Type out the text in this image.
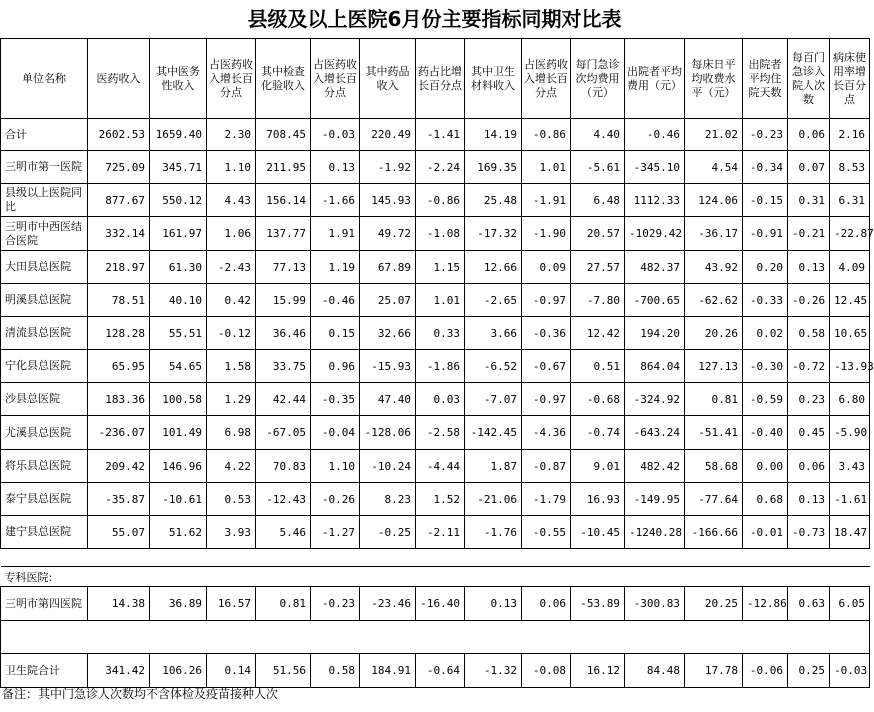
县级及以上医院6月份主要指标同期对比表
单位名称	医药收入	其中医务性收入	占医药收入增长百分点	其中检查化验收入	占医药收入增长百分点	其中药品收入	药占比增长百分点	其中卫生材料收入	占医药收入增长百分点	每门急诊次均费用（元）	出院者平均费用（元）	每床日平均收费水平（元）	出院者平均住院天数	每百门急诊入院人次数	病床使用率增长百分点
合计	2602.53	1659.40	2.30	708.45	-0.03	220.49	-1.41	14.19	-0.86	4.40	-0.46	21.02	-0.23	0.06	2.16
三明市第一医院	725.09	345.71	1.10	211.95	0.13	-1.92	-2.24	169.35	1.01	-5.61	-345.10	4.54	-0.34	0.07	8.53
县级以上医院同比	877.67	550.12	4.43	156.14	-1.66	145.93	-0.86	25.48	-1.91	6.48	1112.33	124.06	-0.15	0.31	6.31
三明市中西医结合医院	332.14	161.97	1.06	137.77	1.91	49.72	-1.08	-17.32	-1.90	20.57	-1029.42	-36.17	-0.91	-0.21	-22.87
大田县总医院	218.97	61.30	-2.43	77.13	1.19	67.89	1.15	12.66	0.09	27.57	482.37	43.92	0.20	0.13	4.09
明溪县总医院	78.51	40.10	0.42	15.99	-0.46	25.07	1.01	-2.65	-0.97	-7.80	-700.65	-62.62	-0.33	-0.26	12.45
清流县总医院	128.28	55.51	-0.12	36.46	0.15	32.66	0.33	3.66	-0.36	12.42	194.20	20.26	0.02	0.58	10.65
宁化县总医院	65.95	54.65	1.58	33.75	0.96	-15.93	-1.86	-6.52	-0.67	0.51	864.04	127.13	-0.30	-0.72	-13.93
沙县总医院	183.36	100.58	1.29	42.44	-0.35	47.40	0.03	-7.07	-0.97	-0.68	-324.92	0.81	-0.59	0.23	6.80
尤溪县总医院	-236.07	101.49	6.98	-67.05	-0.04	-128.06	-2.58	-142.45	-4.36	-0.74	-643.24	-51.41	-0.40	0.45	-5.90
将乐县总医院	209.42	146.96	4.22	70.83	1.10	-10.24	-4.44	1.87	-0.87	9.01	482.42	58.68	0.00	0.06	3.43
泰宁县总医院	-35.87	-10.61	0.53	-12.43	-0.26	8.23	1.52	-21.06	-1.79	16.93	-149.95	-77.64	0.68	0.13	-1.61
建宁县总医院	55.07	51.62	3.93	5.46	-1.27	-0.25	-2.11	-1.76	-0.55	-10.45	-1240.28	-166.66	-0.01	-0.73	18.47

专科医院:															
三明市第四医院	14.38	36.89	16.57	0.81	-0.23	-23.46	-16.40	0.13	0.06	-53.89	-300.83	20.25	-12.86	0.63	6.05

卫生院合计	341.42	106.26	0.14	51.56	0.58	184.91	-0.64	-1.32	-0.08	16.12	84.48	17.78	-0.06	0.25	-0.03
备注：其中门急诊人次数均不含体检及疫苗接种人次
